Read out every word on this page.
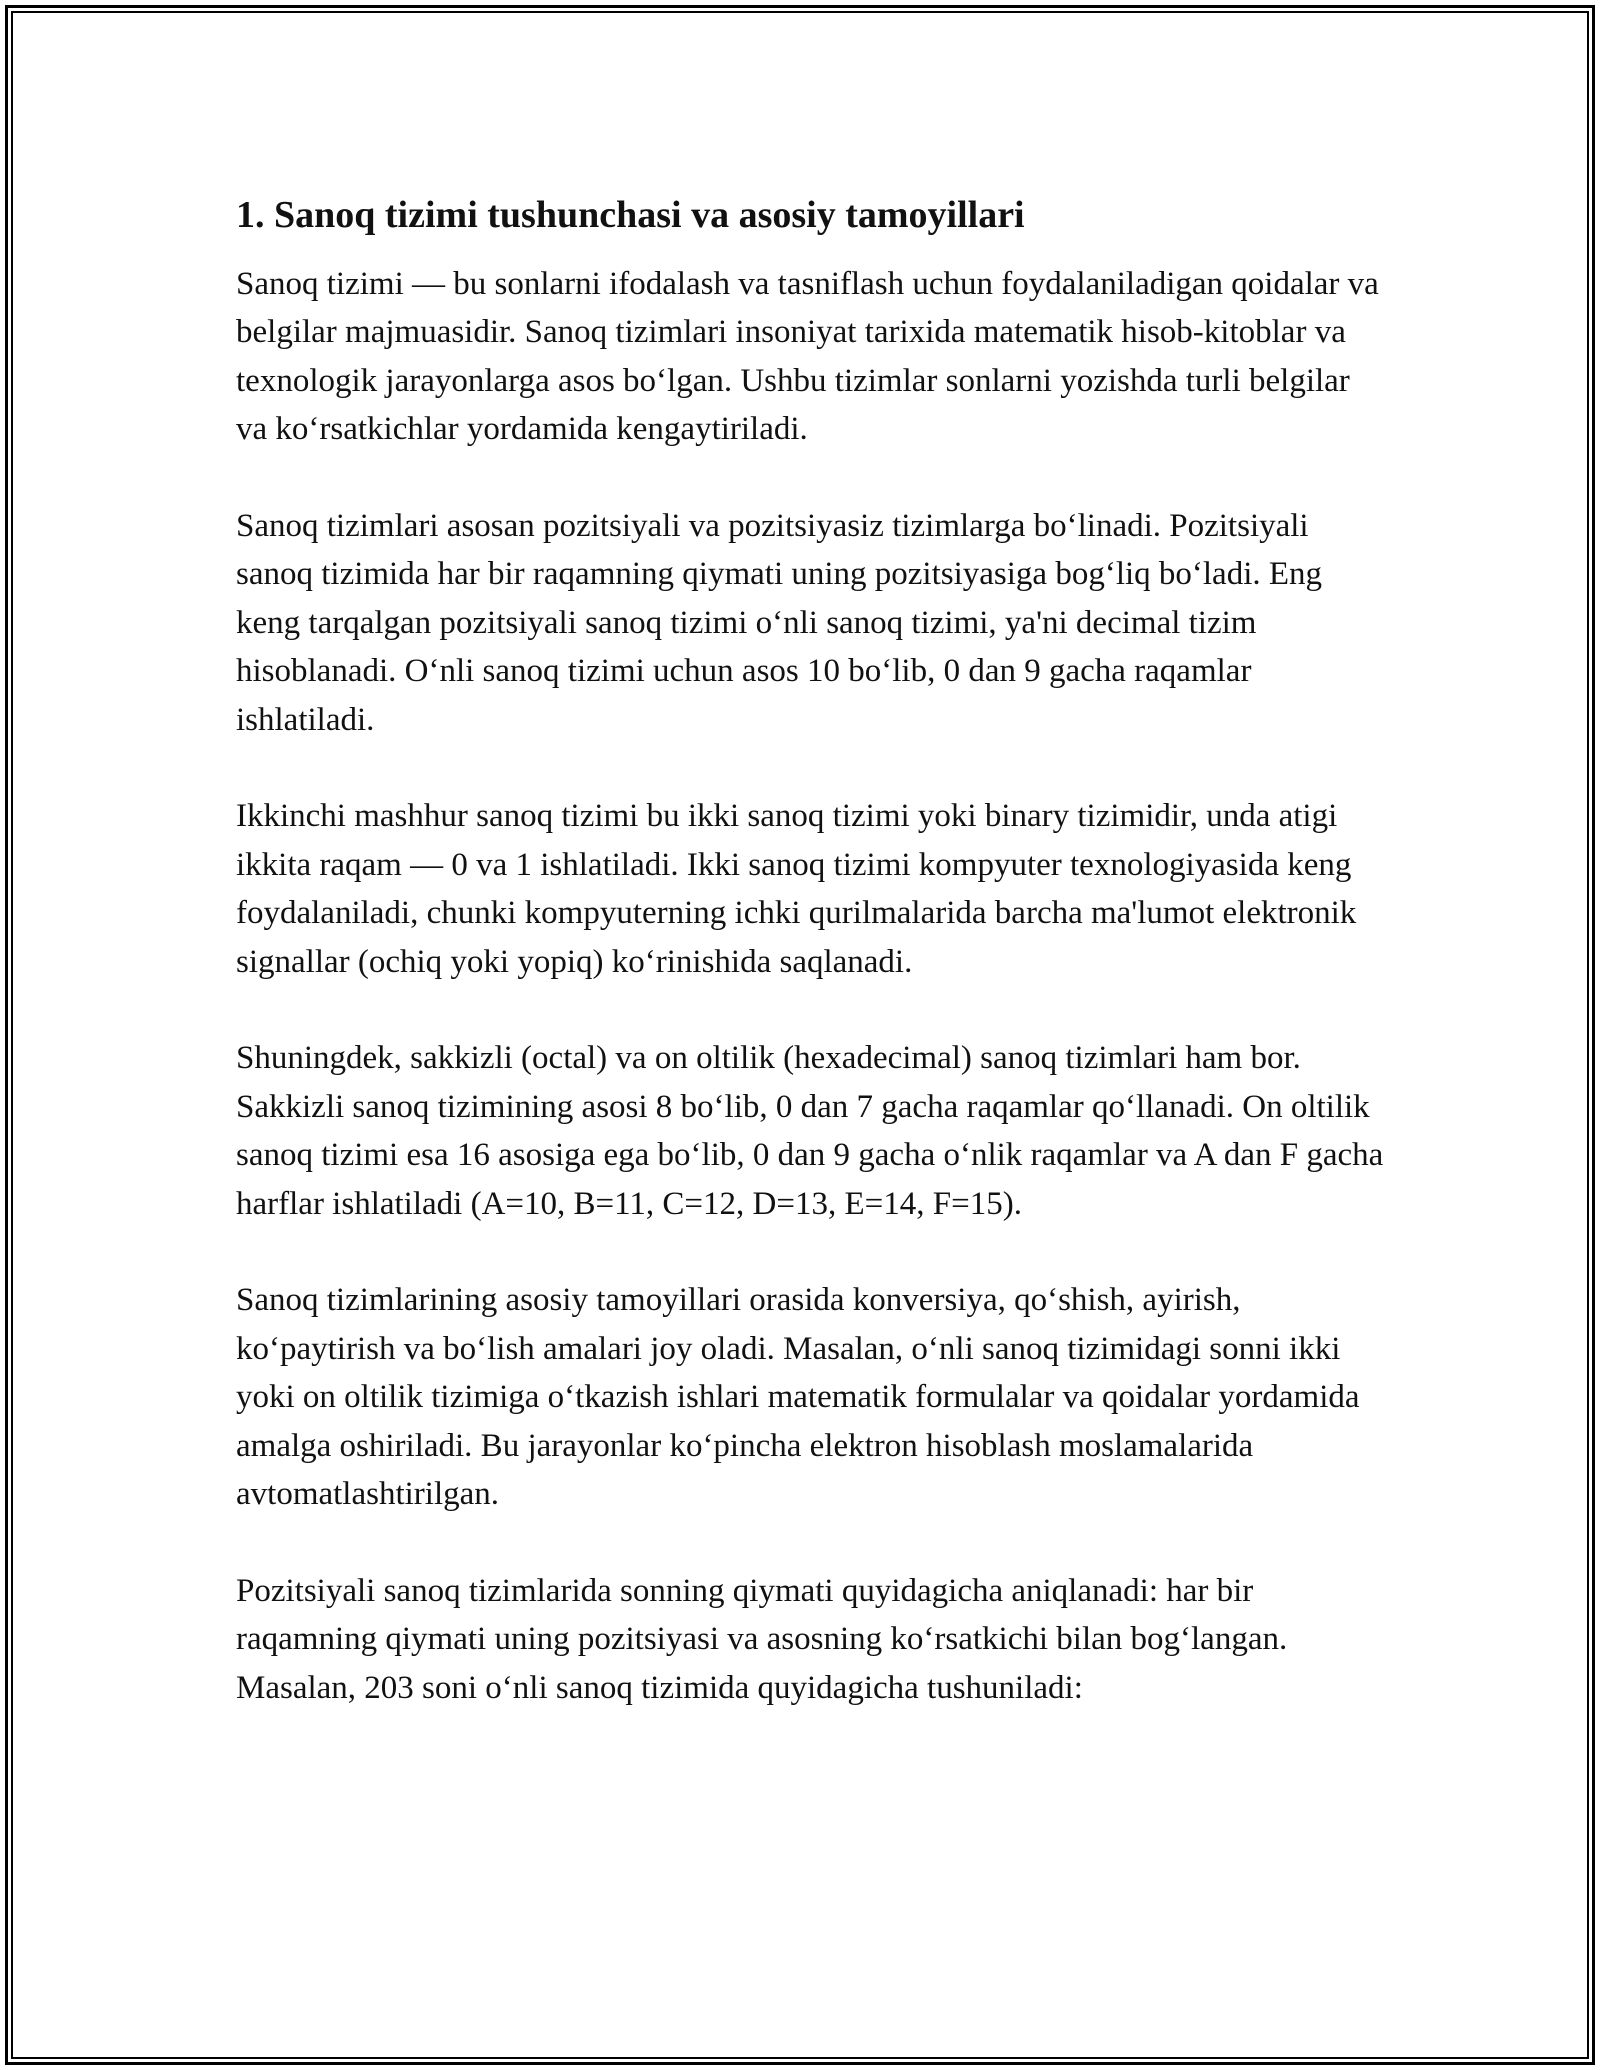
1. Sanoq tizimi tushunchasi va asosiy tamoyillari

Sanoq tizimi — bu sonlarni ifodalash va tasniflash uchun foydalaniladigan qoidalar va belgilar majmuasidir. Sanoq tizimlari insoniyat tarixida matematik hisob-kitoblar va texnologik jarayonlarga asos boʻlgan. Ushbu tizimlar sonlarni yozishda turli belgilar va koʻrsatkichlar yordamida kengaytiriladi.

Sanoq tizimlari asosan pozitsiyali va pozitsiyasiz tizimlarga boʻlinadi. Pozitsiyali sanoq tizimida har bir raqamning qiymati uning pozitsiyasiga bogʻliq boʻladi. Eng keng tarqalgan pozitsiyali sanoq tizimi oʻnli sanoq tizimi, ya'ni decimal tizim hisoblanadi. Oʻnli sanoq tizimi uchun asos 10 boʻlib, 0 dan 9 gacha raqamlar ishlatiladi.

Ikkinchi mashhur sanoq tizimi bu ikki sanoq tizimi yoki binary tizimidir, unda atigi ikkita raqam — 0 va 1 ishlatiladi. Ikki sanoq tizimi kompyuter texnologiyasida keng foydalaniladi, chunki kompyuterning ichki qurilmalarida barcha ma'lumot elektronik signallar (ochiq yoki yopiq) koʻrinishida saqlanadi.

Shuningdek, sakkizli (octal) va on oltilik (hexadecimal) sanoq tizimlari ham bor. Sakkizli sanoq tizimining asosi 8 boʻlib, 0 dan 7 gacha raqamlar qoʻllanadi. On oltilik sanoq tizimi esa 16 asosiga ega boʻlib, 0 dan 9 gacha oʻnlik raqamlar va A dan F gacha harflar ishlatiladi (A=10, B=11, C=12, D=13, E=14, F=15).

Sanoq tizimlarining asosiy tamoyillari orasida konversiya, qoʻshish, ayirish, koʻpaytirish va boʻlish amalari joy oladi. Masalan, oʻnli sanoq tizimidagi sonni ikki yoki on oltilik tizimiga oʻtkazish ishlari matematik formulalar va qoidalar yordamida amalga oshiriladi. Bu jarayonlar koʻpincha elektron hisoblash moslamalarida avtomatlashtirilgan.

Pozitsiyali sanoq tizimlarida sonning qiymati quyidagicha aniqlanadi: har bir raqamning qiymati uning pozitsiyasi va asosning koʻrsatkichi bilan bogʻlangan. Masalan, 203 soni oʻnli sanoq tizimida quyidagicha tushuniladi:
